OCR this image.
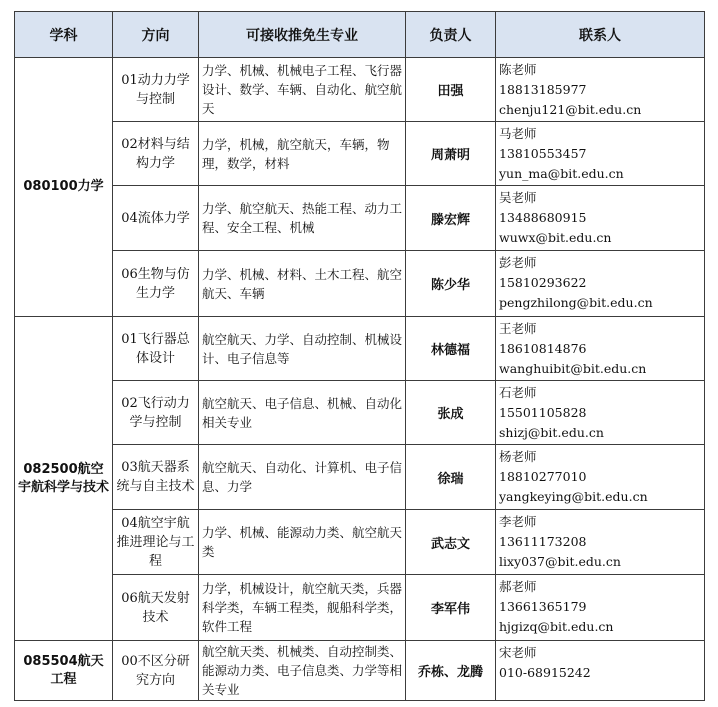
学科	方向	可接收推免生专业	负责人	联系人
080100力学	01动力力学与控制	力学、机械、机械电子工程、飞行器设计、数学、车辆、自动化、航空航天	田强	陈老师
18813185977
chenju121@bit.edu.cn

	02材料与结构力学	力学，机械，航空航天，车辆，物理，数学，材料	周萧明	马老师
13810553457
yun_ma@bit.edu.cn

	04流体力学	力学、航空航天、热能工程、动力工程、安全工程、机械	滕宏辉	吴老师
13488680915
wuwx@bit.edu.cn

	06生物与仿生力学	力学、机械、材料、土木工程、航空航天、车辆	陈少华	彭老师
15810293622
pengzhilong@bit.edu.cn

082500航空宇航科学与技术	01飞行器总体设计	航空航天、力学、自动控制、机械设计、电子信息等	林德福	王老师
18610814876
wanghuibit@bit.edu.cn

	02飞行动力学与控制	航空航天、电子信息、机械、自动化相关专业	张成	石老师
15501105828
shizj@bit.edu.cn

	03航天器系统与自主技术	航空航天、自动化、计算机、电子信息、力学	徐瑞	杨老师
18810277010
yangkeying@bit.edu.cn

	04航空宇航推进理论与工程	力学、机械、能源动力类、航空航天类	武志文	李老师
13611173208
lixy037@bit.edu.cn

	06航天发射技术	力学，机械设计，航空航天类，兵器科学类，车辆工程类，舰船科学类，软件工程	李军伟	郝老师
13661365179
hjgizq@bit.edu.cn

085504航天工程	00不区分研究方向	航空航天类、机械类、自动控制类、能源动力类、电子信息类、力学等相关专业	乔栋、龙腾	宋老师
010-68915242
